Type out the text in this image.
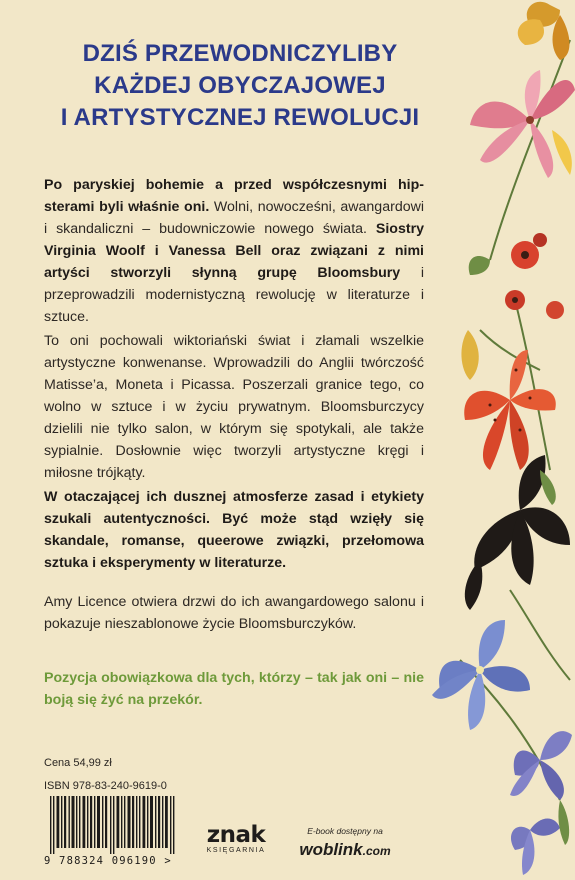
DZIŚ PRZEWODNICZYLIBY
KAŻDEJ OBYCZAJOWEJ
I ARTYSTYCZNEJ REWOLUCJI
Po paryskiej bohemie a przed współczesnymi hipsterami byli właśnie oni. Wolni, nowocześni, awangardowi i skandaliczni – budowniczowie nowego świata. Siostry Virginia Woolf i Vanessa Bell oraz związani z nimi artyści stworzyli słynną grupę Bloomsbury i przeprowadzili modernistyczną rewolucję w literaturze i sztuce.
To oni pochowali wiktoriański świat i złamali wszelkie artystyczne konwenanse. Wprowadzili do Anglii twórczość Matisse’a, Moneta i Picassa. Poszerzali granice tego, co wolno w sztuce i w życiu prywatnym. Bloomsburczycy dzielili nie tylko salon, w którym się spotykali, ale także sypialnie. Dosłownie więc tworzyli artystyczne kręgi i miłosne trójkąty.
W otaczającej ich dusznej atmosferze zasad i etykiety szukali autentyczności. Być może stąd wzięły się skandale, romanse, queerowe związki, przełomowa sztuka i eksperymenty w literaturze.
Amy Licence otwiera drzwi do ich awangardowego salonu i pokazuje nieszablonowe życie Bloomsburczyków.
Pozycja obowiązkowa dla tych, którzy – tak jak oni – nie boją się żyć na przekór.
Cena 54,99 zł
ISBN 978-83-240-9619-0
9 788324 096190 >
znak
KSIĘGARNIA
E-book dostępny na
woblink.com
